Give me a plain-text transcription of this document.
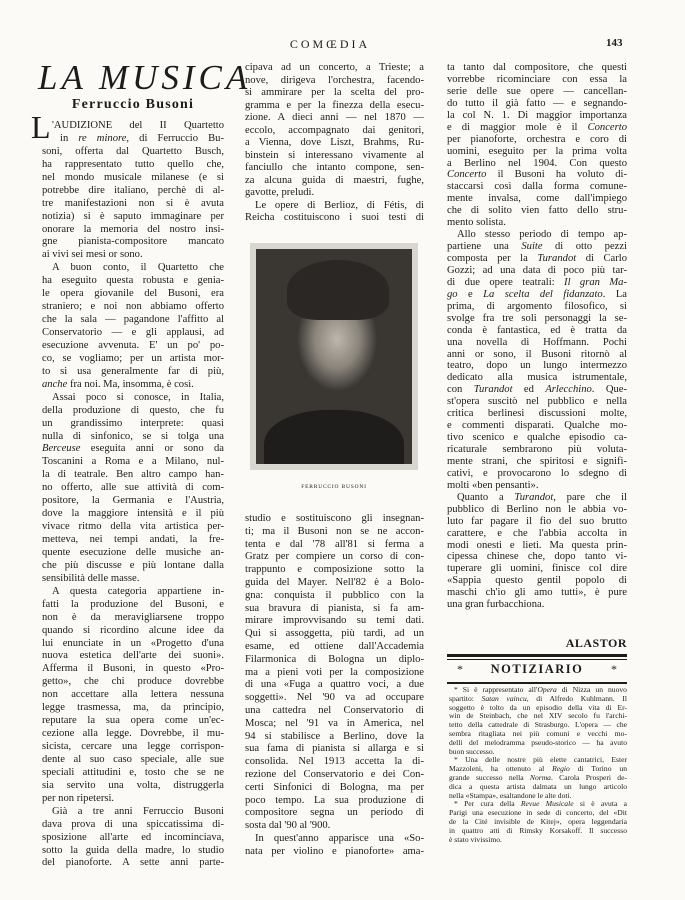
COMŒDIA	143
LA MUSICA
Ferruccio Busoni
L 'AUDIZIONE del II Quartetto
in re minore, di Ferruccio Bu-
soni, offerta dal Quartetto Busch,
ha rappresentato tutto quello che,
nel mondo musicale milanese (e si
potrebbe dire italiano, perchè di al-
tre manifestazioni non si è avuta
notizia) si è saputo immaginare per
onorare la memoria del nostro insi-
gne pianista-compositore mancato
ai vivi sei mesi or sono.
A buon conto, il Quartetto che
ha eseguito questa robusta e genia-
le opera giovanile del Busoni, era
straniero; e noi non abbiamo offerto
che la sala — pagandone l'affitto al
Conservatorio — e gli applausi, ad
esecuzione avvenuta. E' un po' po-
co, se vogliamo; per un artista mor-
to si usa generalmente far di più,
anche fra noi. Ma, insomma, è così.
Assai poco si conosce, in Italia,
della produzione di questo, che fu
un grandissimo interprete: quasi
nulla di sinfonico, se si tolga una
Berceuse eseguita anni or sono da
Toscanini a Roma e a Milano, nul-
la di teatrale. Ben altro campo han-
no offerto, alle sue attività di com-
positore, la Germania e l'Austria,
dove la maggiore intensità e il più
vivace ritmo della vita artistica per-
metteva, nei tempi andati, la fre-
quente esecuzione delle musiche an-
che più discusse e più lontane dalla
sensibilità delle masse.
A questa categoria appartiene in-
fatti la produzione del Busoni, e
non è da meravigliarsene troppo
quando si ricordino alcune idee da
lui enunciate in un «Progetto d'una
nuova estetica dell'arte dei suoni».
Afferma il Busoni, in questo «Pro-
getto», che chi produce dovrebbe
non accettare alla lettera nessuna
legge trasmessa, ma, da principio,
reputare la sua opera come un'ec-
cezione alla legge. Dovrebbe, il mu-
sicista, cercare una legge corrispon-
dente al suo caso speciale, alle sue
speciali attitudini e, tosto che se ne
sia servito una volta, distruggerla
per non ripetersi.
Già a tre anni Ferruccio Busoni
dava prova di una spiccatissima di-
sposizione all'arte ed incominciava,
sotto la guida della madre, lo studio
del pianoforte. A sette anni parte-
cipava ad un concerto, a Trieste; a
nove, dirigeva l'orchestra, facendo-
si ammirare per la scelta del pro-
gramma e per la finezza della esecu-
zione. A dieci anni — nel 1870 —
eccolo, accompagnato dai genitori,
a Vienna, dove Liszt, Brahms, Ru-
binstein si interessano vivamente al
fanciullo che intanto compone, sen-
za alcuna guida di maestri, fughe,
gavotte, preludi.
Le opere di Berlioz, di Fétis, di
Reicha costituiscono i suoi testi di
FERRUCCIO BUSONI
studio e sostituiscono gli insegnan-
ti; ma il Busoni non se ne accon-
tenta e dal '78 all'81 si ferma a
Gratz per compiere un corso di con-
trappunto e composizione sotto la
guida del Mayer. Nell'82 è a Bolo-
gna: conquista il pubblico con la
sua bravura di pianista, si fa am-
mirare improvvisando su temi dati.
Qui si assoggetta, più tardi, ad un
esame, ed ottiene dall'Accademia
Filarmonica di Bologna un diplo-
ma a pieni voti per la composizione
di una «Fuga a quattro voci, a due
soggetti». Nel '90 va ad occupare
una cattedra nel Conservatorio di
Mosca; nel '91 va in America, nel
94 si stabilisce a Berlino, dove la
sua fama di pianista si allarga e si
consolida. Nel 1913 accetta la di-
rezione del Conservatorio e dei Con-
certi Sinfonici di Bologna, ma per
poco tempo. La sua produzione di
compositore segna un periodo di
sosta dal '90 al '900.
In quest'anno apparisce una «So-
nata per violino e pianoforte» ama-
ta tanto dal compositore, che questi
vorrebbe ricominciare con essa la
serie delle sue opere — cancellan-
do tutto il già fatto — e segnando-
la col N. 1. Di maggior importanza
e di maggior mole è il Concerto
per pianoforte, orchestra e coro di
uomini, eseguito per la prima volta
a Berlino nel 1904. Con questo
Concerto il Busoni ha voluto di-
staccarsi così dalla forma comune-
mente invalsa, come dall'impiego
che di solito vien fatto dello stru-
mento solista.
Allo stesso periodo di tempo ap-
partiene una Suite di otto pezzi
composta per la Turandot di Carlo
Gozzi; ad una data di poco più tar-
di due opere teatrali: Il gran Ma-
go e La scelta del fidanzato. La
prima, di argomento filosofico, si
svolge fra tre soli personaggi la se-
conda è fantastica, ed è tratta da
una novella di Hoffmann. Pochi
anni or sono, il Busoni ritornò al
teatro, dopo un lungo intermezzo
dedicato alla musica istrumentale,
con Turandot ed Arlecchino. Que-
st'opera suscitò nel pubblico e nella
critica berlinesi discussioni molte,
e commenti disparati. Qualche mo-
tivo scenico e qualche episodio ca-
ricaturale sembrarono più voluta-
mente strani, che spiritosi e signifi-
cativi, e provocarono lo sdegno di
molti «ben pensanti».
Quanto a Turandot, pare che il
pubblico di Berlino non le abbia vo-
luto far pagare il fio del suo brutto
carattere, e che l'abbia accolta in
modi onesti e lieti. Ma questa prin-
cipessa chinese che, dopo tanto vi-
tuperare gli uomini, finisce col dire
«Sappia questo gentil popolo di
maschi ch'io gli amo tutti», è pure
una gran furbacchiona.
ALASTOR
*	NOTIZIARIO	*
* Si è rappresentato all'Opera di Nizza un nuovo
spartito: Satan vaincu, di Alfredo Kuhlmann. Il
soggetto è tolto da un episodio della vita di Er-
win de Steinbach, che nel XIV secolo fu l'archi-
tetto della cattedrale di Strasburgo. L'opera — che
sembra ritagliata nei più comuni e vecchi mo-
delli del melodramma pseudo-storico — ha avuto
buon successo.
* Una delle nostre più elette cantatrici, Ester
Mazzoleni, ha ottenuto al Regio di Torino un
grande successo nella Norma. Carola Prosperi de-
dica a questa artista dalmata un lungo articolo
nella «Stampa», esaltandone le alte doti.
* Per cura della Revue Musicale si è avuta a
Parigi una esecuzione in sede di concerto, del «Dit
de la Cité invisible de Kitej», opera leggendaria
in quattro atti di Rimsky Korsakoff. Il successo
è stato vivissimo.
